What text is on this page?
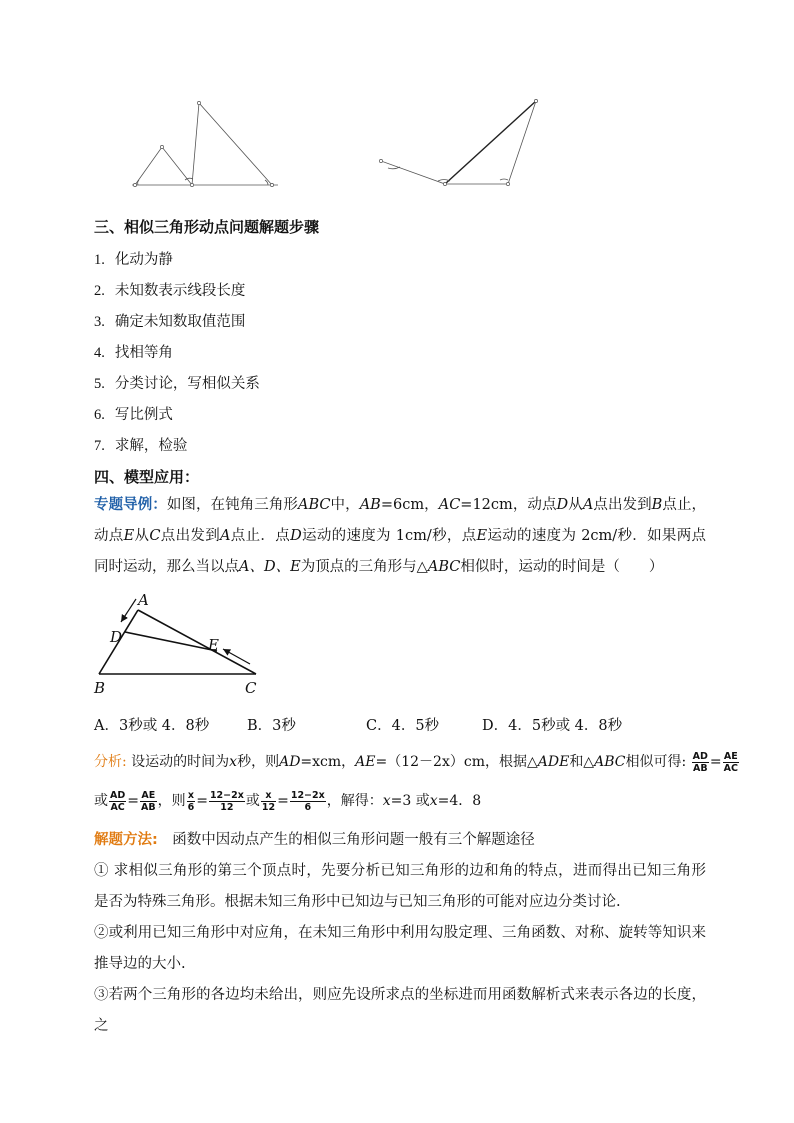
三、相似三角形动点问题解题步骤
1. 化动为静
2. 未知数表示线段长度
3. 确定未知数取值范围
4. 找相等角
5. 分类讨论，写相似关系
6. 写比例式
7. 求解，检验
四、模型应用：
专题导例：如图，在钝角三角形ABC中，AB=6cm，AC=12cm，动点D从A点出发到B点止，动点E从C点出发到A点止．点D运动的速度为 1cm/秒，点E运动的速度为 2cm/秒．如果两点同时运动，那么当以点A、D、E为顶点的三角形与△ABC相似时，运动的时间是（　　）
A
D	E
B	C
A．3秒或 4．8秒	B．3秒	C．4．5秒	D．4．5秒或 4．8秒
分析: 设运动的时间为x秒，则AD=xcm，AE=（12－2x）cm，根据△ADE和△ABC相似可得: $\frac{AD}{AB} = \frac{AE}{AC}$
或 $\frac{AD}{AC} = \frac{AE}{AB}$ ，则 $\frac{x}{6} = \frac{12-2x}{12}$ 或 $\frac{x}{12} = \frac{12-2x}{6}$ ，解得：x=3 或x=4．8
解题方法:　函数中因动点产生的相似三角形问题一般有三个解题途径
① 求相似三角形的第三个顶点时，先要分析已知三角形的边和角的特点，进而得出已知三角形是否为特殊三角形。根据未知三角形中已知边与已知三角形的可能对应边分类讨论.
②或利用已知三角形中对应角，在未知三角形中利用勾股定理、三角函数、对称、旋转等知识来推导边的大小.
③若两个三角形的各边均未给出，则应先设所求点的坐标进而用函数解析式来表示各边的长度，之
